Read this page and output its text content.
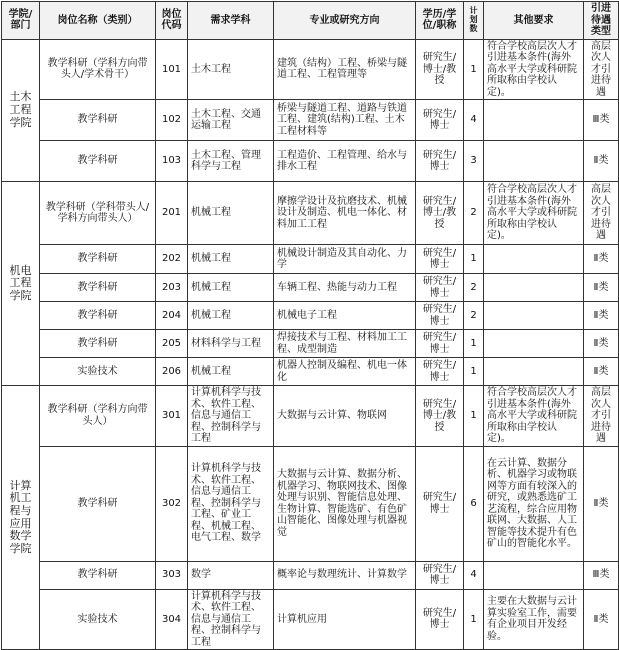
学院/部门	岗位名称（类别）	岗位代码	需求学科	专业或研究方向	学历/学位/职称	计划数	其他要求	引进待遇类型
土木工程学院	教学科研（学科方向带头人/学术骨干）	101	土木工程	建筑（结构）工程、桥梁与隧道工程、工程管理等	研究生/博士/教授	1	符合学校高层次人才引进基本条件(海外高水平大学或科研院所取称由学校认定)。	高层次人才引进待遇
	教学科研	102	土木工程、交通运输工程	桥梁与隧道工程、道路与铁道工程、建筑(结构)工程、土木工程材料等	研究生/博士	4		Ⅲ类
	教学科研	103	土木工程、管理科学与工程	工程造价、工程管理、给水与排水工程	研究生/博士	3		Ⅱ类
机电工程学院	教学科研（学科带头人/学科方向带头人）	201	机械工程	摩擦学设计及抗磨技术、机械设计及制造、机电一体化、材料加工工程	研究生/博士/教授	2	符合学校高层次人才引进基本条件(海外高水平大学或科研院所取称由学校认定)。	高层次人才引进待遇
	教学科研	202	机械工程	机械设计制造及其自动化、力学	研究生/博士	1		Ⅱ类
	教学科研	203	机械工程	车辆工程、热能与动力工程	研究生/博士	2		Ⅱ类
	教学科研	204	机械工程	机械电子工程	研究生/博士	2		Ⅱ类
	教学科研	205	材料科学与工程	焊接技术与工程、材料加工工程、成型制造	研究生/博士	1		Ⅱ类
	实验技术	206	机械工程	机器人控制及编程、机电一体化	研究生/博士	1		Ⅱ类
计算机工程与应用数学学院	教学科研（学科方向带头人）	301	计算机科学与技术、软件工程、信息与通信工程、控制科学与工程	大数据与云计算、物联网	研究生/博士/教授	1	符合学校高层次人才引进基本条件(海外高水平大学或科研院所取称由学校认定)。	高层次人才引进待遇
	教学科研	302	计算机科学与技术、软件工程、信息与通信工程、控制科学与工程、矿业工程、机械工程、电气工程、数学	大数据与云计算、数据分析、机器学习、物联网技术、图像处理与识别、智能信息处理、生物计算、智能选矿、有色矿山智能化、图像处理与机器视觉	研究生/博士	6	在云计算、数据分析、机器学习或物联网等方面有较深入的研究，或熟悉选矿工艺流程，综合应用物联网、大数据、人工智能等技术提升有色矿山的智能化水平。	Ⅱ类
	教学科研	303	数学	概率论与数理统计、计算数学	研究生/博士	4		Ⅲ类
	实验技术	304	计算机科学与技术、软件工程、信息与通信工程、控制科学与工程	计算机应用	研究生/博士	1	主要在大数据与云计算实验室工作，需要有企业项目开发经验。	Ⅱ类
